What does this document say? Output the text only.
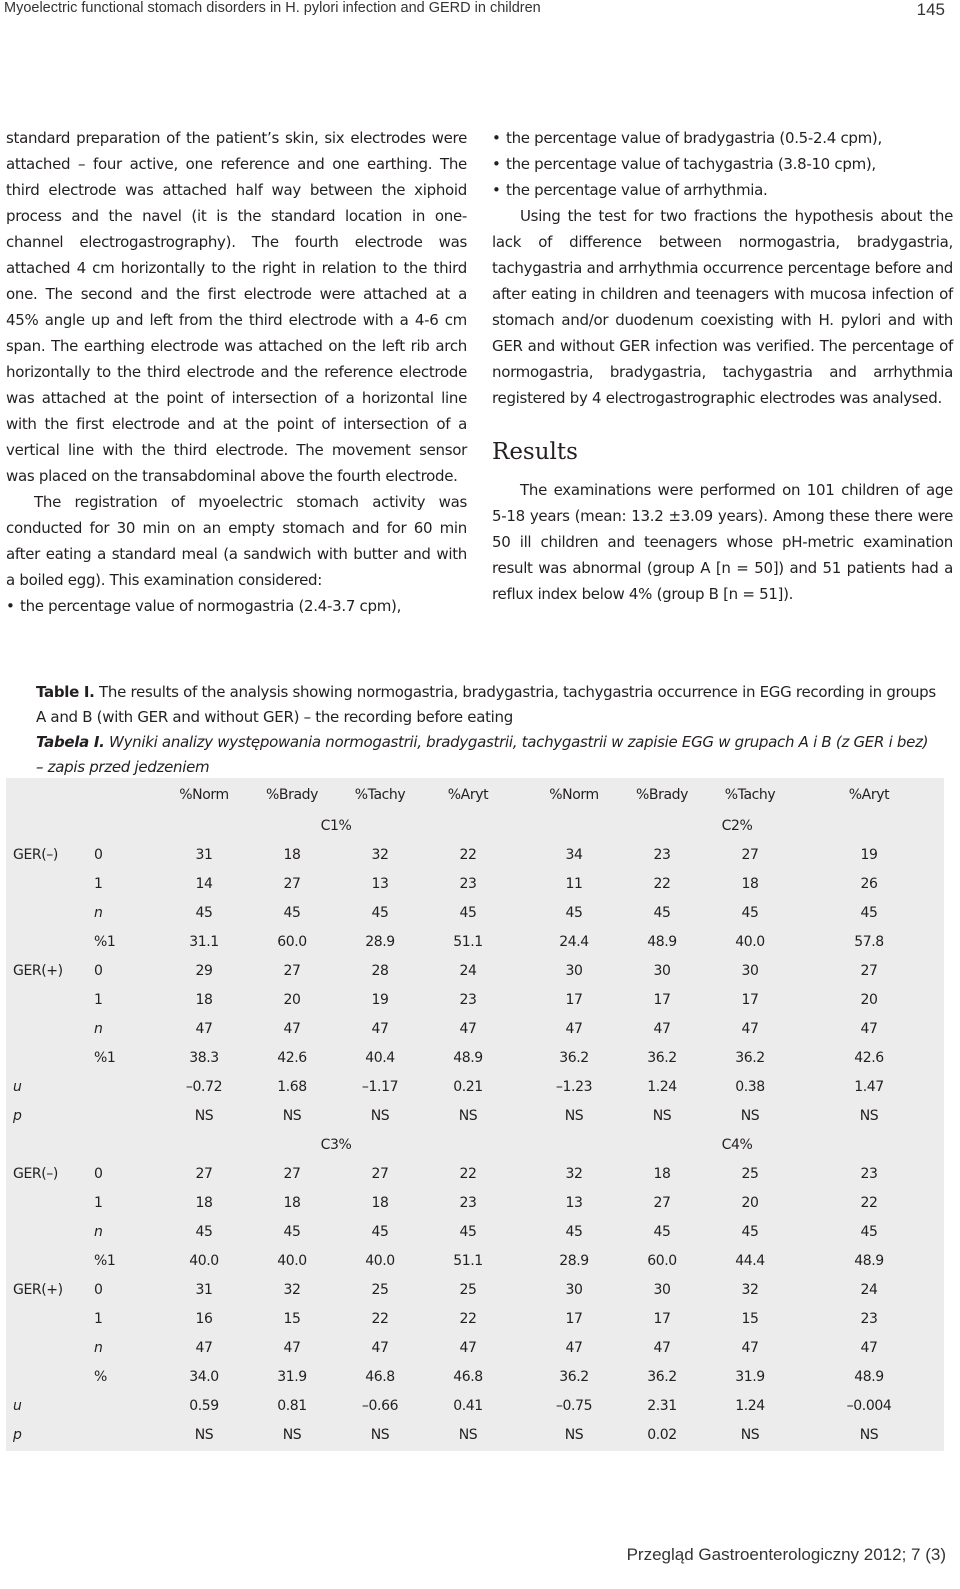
Myoelectric functional stomach disorders in H. pylori infection and GERD in children	145

standard preparation of the patient’s skin, six electrodes were attached – four active, one reference and one earthing. The third electrode was attached half way between the xiphoid process and the navel (it is the standard location in one-channel electrogastrography). The fourth electrode was attached 4 cm horizontally to the right in relation to the third one. The second and the first electrode were attached at a 45% angle up and left from the third electrode with a 4-6 cm span. The earthing electrode was attached on the left rib arch horizontally to the third electrode and the reference electrode was attached at the point of intersection of a horizontal line with the first electrode and at the point of intersection of a vertical line with the third electrode. The movement sensor was placed on the transabdominal above the fourth electrode.

The registration of myoelectric stomach activity was conducted for 30 min on an empty stomach and for 60 min after eating a standard meal (a sandwich with butter and with a boiled egg). This examination considered:

• the percentage value of normogastria (2.4-3.7 cpm),

• the percentage value of bradygastria (0.5-2.4 cpm),

• the percentage value of tachygastria (3.8-10 cpm),

• the percentage value of arrhythmia.

Using the test for two fractions the hypothesis about the lack of difference between normogastria, bradygastria, tachygastria and arrhythmia occurrence percentage before and after eating in children and teenagers with mucosa infection of stomach and/or duodenum coexisting with H. pylori and with GER and without GER infection was verified. The percentage of normogastria, bradygastria, tachygastria and arrhythmia registered by 4 electrogastrographic electrodes was analysed.

Results

The examinations were performed on 101 children of age 5-18 years (mean: 13.2 ±3.09 years). Among these there were 50 ill children and teenagers whose pH-metric examination result was abnormal (group A [n = 50]) and 51 patients had a reflux index below 4% (group B [n = 51]).

Table I. The results of the analysis showing normogastria, bradygastria, tachygastria occurrence in EGG recording in groups A and B (with GER and without GER) – the recording before eating

Tabela I. Wyniki analizy występowania normogastrii, bradygastrii, tachygastrii w zapisie EGG w grupach A i B (z GER i bez) – zapis przed jedzeniem

		%Norm	%Brady	%Tachy	%Aryt		%Norm	%Brady	%Tachy	%Aryt
		C1%					C2%			
GER(–)	0	31	18	32	22		34	23	27	19
	1	14	27	13	23		11	22	18	26
	n	45	45	45	45		45	45	45	45
	%1	31.1	60.0	28.9	51.1		24.4	48.9	40.0	57.8
GER(+)	0	29	27	28	24		30	30	30	27
	1	18	20	19	23		17	17	17	20
	n	47	47	47	47		47	47	47	47
	%1	38.3	42.6	40.4	48.9		36.2	36.2	36.2	42.6
u		–0.72	1.68	–1.17	0.21		–1.23	1.24	0.38	1.47
p		NS	NS	NS	NS		NS	NS	NS	NS
		C3%					C4%			
GER(–)	0	27	27	27	22		32	18	25	23
	1	18	18	18	23		13	27	20	22
	n	45	45	45	45		45	45	45	45
	%1	40.0	40.0	40.0	51.1		28.9	60.0	44.4	48.9
GER(+)	0	31	32	25	25		30	30	32	24
	1	16	15	22	22		17	17	15	23
	n	47	47	47	47		47	47	47	47
	%	34.0	31.9	46.8	46.8		36.2	36.2	31.9	48.9
u		0.59	0.81	–0.66	0.41		–0.75	2.31	1.24	–0.004
p		NS	NS	NS	NS		NS	0.02	NS	NS
Przegląd Gastroenterologiczny 2012; 7 (3)
